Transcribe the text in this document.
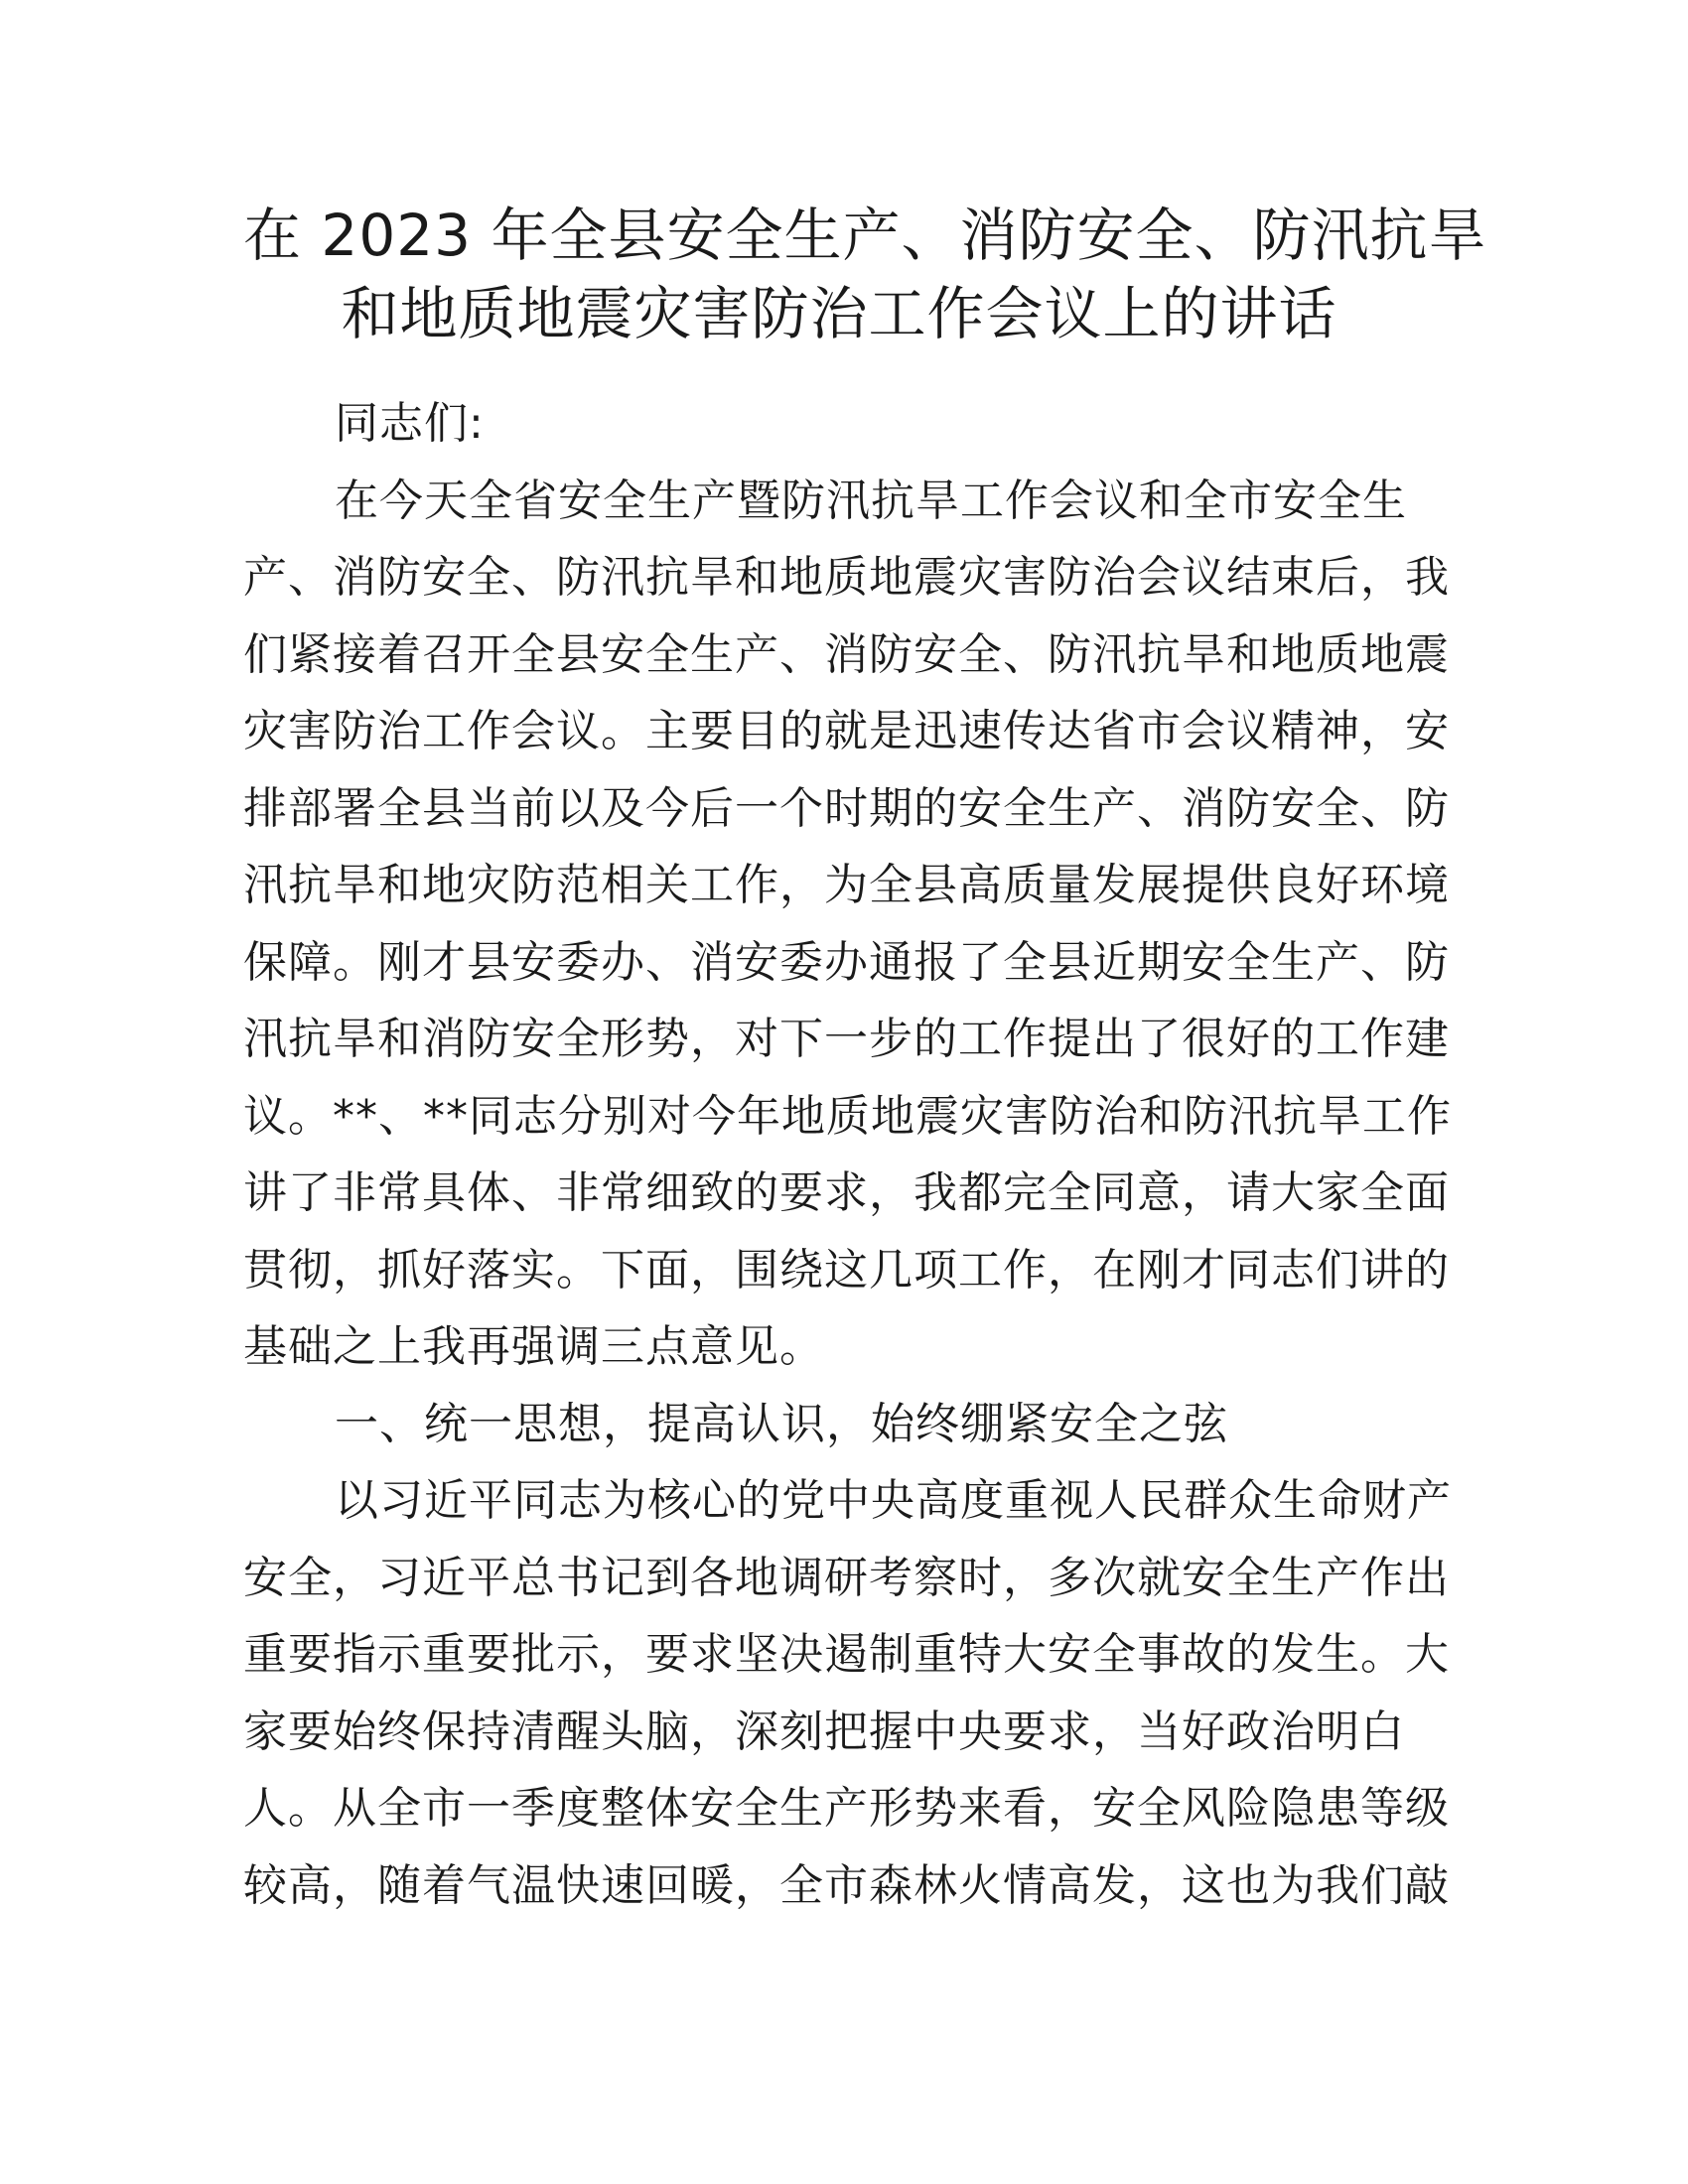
在 2023 年全县安全生产、消防安全、防汛抗旱
和地质地震灾害防治工作会议上的讲话
同志们:
在今天全省安全生产暨防汛抗旱工作会议和全市安全生
产、消防安全、防汛抗旱和地质地震灾害防治会议结束后，我
们紧接着召开全县安全生产、消防安全、防汛抗旱和地质地震
灾害防治工作会议。主要目的就是迅速传达省市会议精神，安
排部署全县当前以及今后一个时期的安全生产、消防安全、防
汛抗旱和地灾防范相关工作，为全县高质量发展提供良好环境
保障。刚才县安委办、消安委办通报了全县近期安全生产、防
汛抗旱和消防安全形势，对下一步的工作提出了很好的工作建
议。**、**同志分别对今年地质地震灾害防治和防汛抗旱工作
讲了非常具体、非常细致的要求，我都完全同意，请大家全面
贯彻，抓好落实。下面，围绕这几项工作，在刚才同志们讲的
基础之上我再强调三点意见。
一、统一思想，提高认识，始终绷紧安全之弦
以习近平同志为核心的党中央高度重视人民群众生命财产
安全，习近平总书记到各地调研考察时，多次就安全生产作出
重要指示重要批示，要求坚决遏制重特大安全事故的发生。大
家要始终保持清醒头脑，深刻把握中央要求，当好政治明白
人。从全市一季度整体安全生产形势来看，安全风险隐患等级
较高，随着气温快速回暖，全市森林火情高发，这也为我们敲
